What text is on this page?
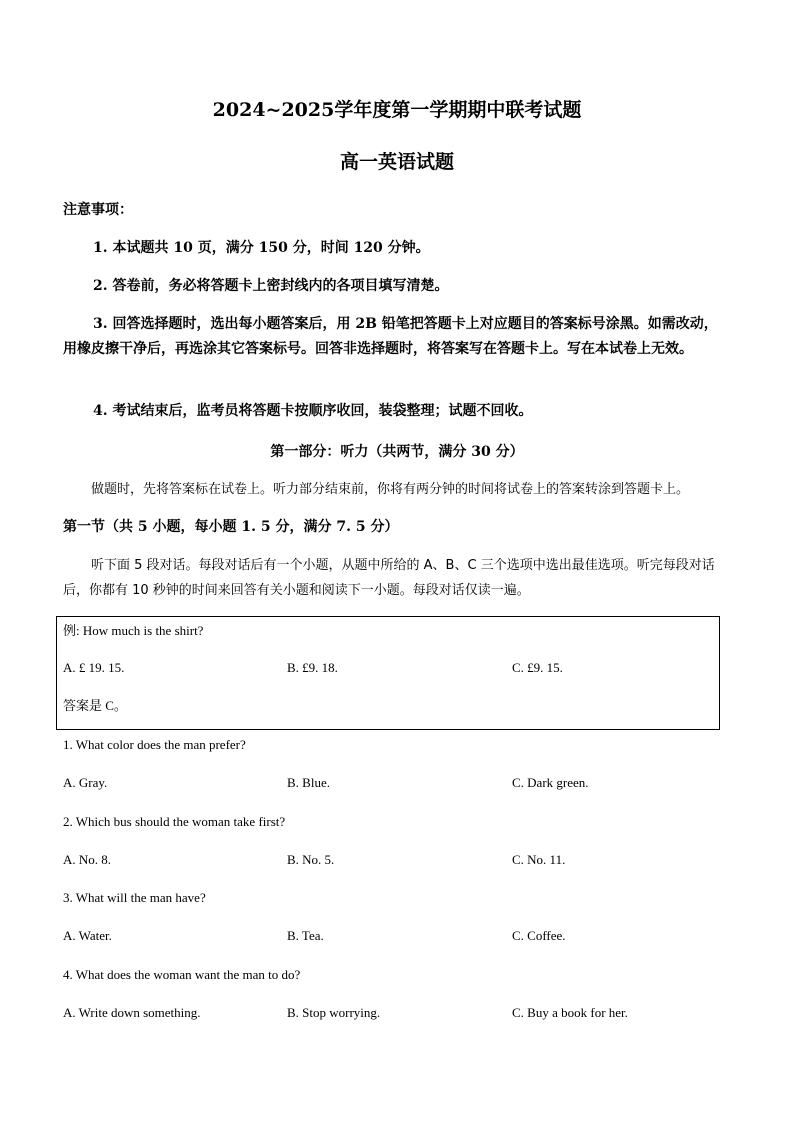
2024~2025学年度第一学期期中联考试题
高一英语试题
注意事项：
1. 本试题共 10 页，满分 150 分，时间 120 分钟。
2. 答卷前，务必将答题卡上密封线内的各项目填写清楚。
3. 回答选择题时，选出每小题答案后，用 2B 铅笔把答题卡上对应题目的答案标号涂黑。如需改动，用橡皮擦干净后，再选涂其它答案标号。回答非选择题时，将答案写在答题卡上。写在本试卷上无效。
4. 考试结束后，监考员将答题卡按顺序收回，装袋整理；试题不回收。
第一部分：听力（共两节，满分 30 分）
做题时，先将答案标在试卷上。听力部分结束前，你将有两分钟的时间将试卷上的答案转涂到答题卡上。
第一节（共 5 小题，每小题 1. 5 分，满分 7. 5 分）
听下面 5 段对话。每段对话后有一个小题，从题中所给的 A、B、C 三个选项中选出最佳选项。听完每段对话后，你都有 10 秒钟的时间来回答有关小题和阅读下一小题。每段对话仅读一遍。
例: How much is the shirt?
A. £ 19. 15.	B. £9. 18.	C. £9. 15.
答案是 C。
1. What color does the man prefer?
A. Gray.	B. Blue.	C. Dark green.
2. Which bus should the woman take first?
A. No. 8.	B. No. 5.	C. No. 11.
3. What will the man have?
A. Water.	B. Tea.	C. Coffee.
4. What does the woman want the man to do?
A. Write down something.	B. Stop worrying.	C. Buy a book for her.
